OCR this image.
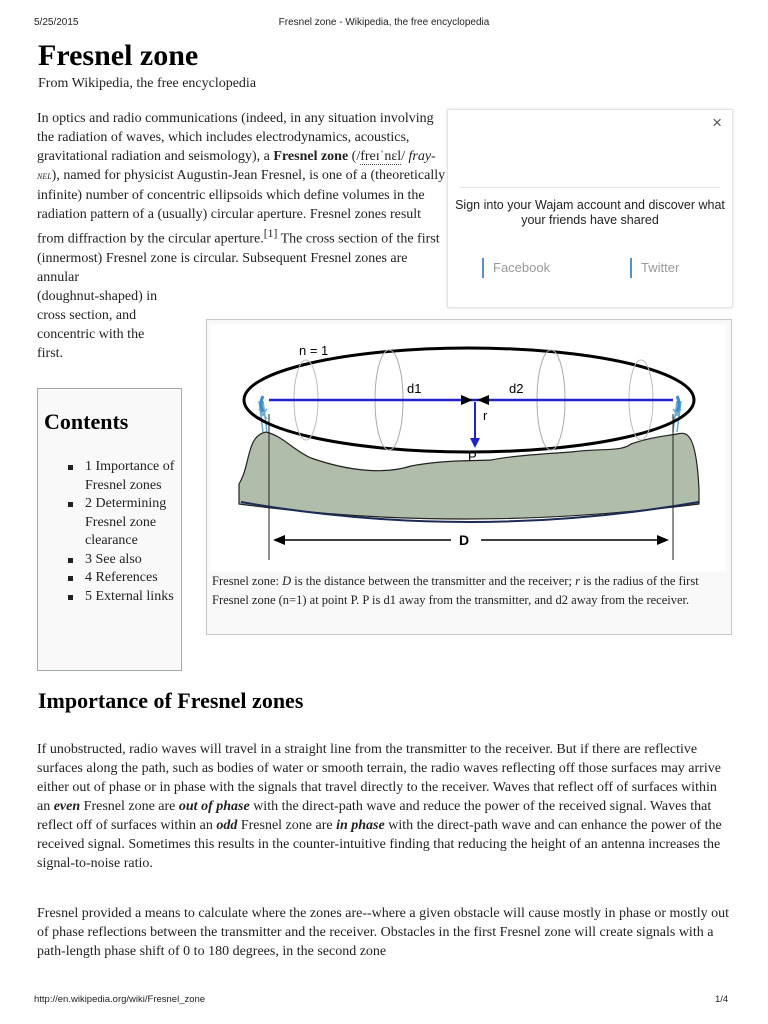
5/25/2015	Fresnel zone - Wikipedia, the free encyclopedia
Fresnel zone
From Wikipedia, the free encyclopedia

In optics and radio communications (indeed, in any situation involving the radiation of waves, which includes electrodynamics, acoustics, gravitational radiation and seismology), a Fresnel zone (/freɪˈnɛl/ fray-nel), named for physicist Augustin-Jean Fresnel, is one of a (theoretically infinite) number of concentric ellipsoids which define volumes in the radiation pattern of a (usually) circular aperture. Fresnel zones result from diffraction by the circular aperture.[1] The cross section of the first (innermost) Fresnel zone is circular. Subsequent Fresnel zones are annular
(doughnut-shaped) in
cross section, and
concentric with the
first.

×
Sign into your Wajam account and discover what your friends have shared
Facebook	Twitter
n = 1
d1	d2
r
P
D
Fresnel zone: D is the distance between the transmitter and the receiver; r is the radius of the first Fresnel zone (n=1) at point P. P is d1 away from the transmitter, and d2 away from the receiver.
Contents
1 Importance of Fresnel zones
2 Determining Fresnel zone clearance
3 See also
4 References
5 External links
Importance of Fresnel zones

If unobstructed, radio waves will travel in a straight line from the transmitter to the receiver. But if there are reflective surfaces along the path, such as bodies of water or smooth terrain, the radio waves reflecting off those surfaces may arrive either out of phase or in phase with the signals that travel directly to the receiver. Waves that reflect off of surfaces within an even Fresnel zone are out of phase with the direct-path wave and reduce the power of the received signal. Waves that reflect off of surfaces within an odd Fresnel zone are in phase with the direct-path wave and can enhance the power of the received signal. Sometimes this results in the counter-intuitive finding that reducing the height of an antenna increases the signal-to-noise ratio.

Fresnel provided a means to calculate where the zones are--where a given obstacle will cause mostly in phase or mostly out of phase reflections between the transmitter and the receiver. Obstacles in the first Fresnel zone will create signals with a path-length phase shift of 0 to 180 degrees, in the second zone

http://en.wikipedia.org/wiki/Fresnel_zone	1/4
